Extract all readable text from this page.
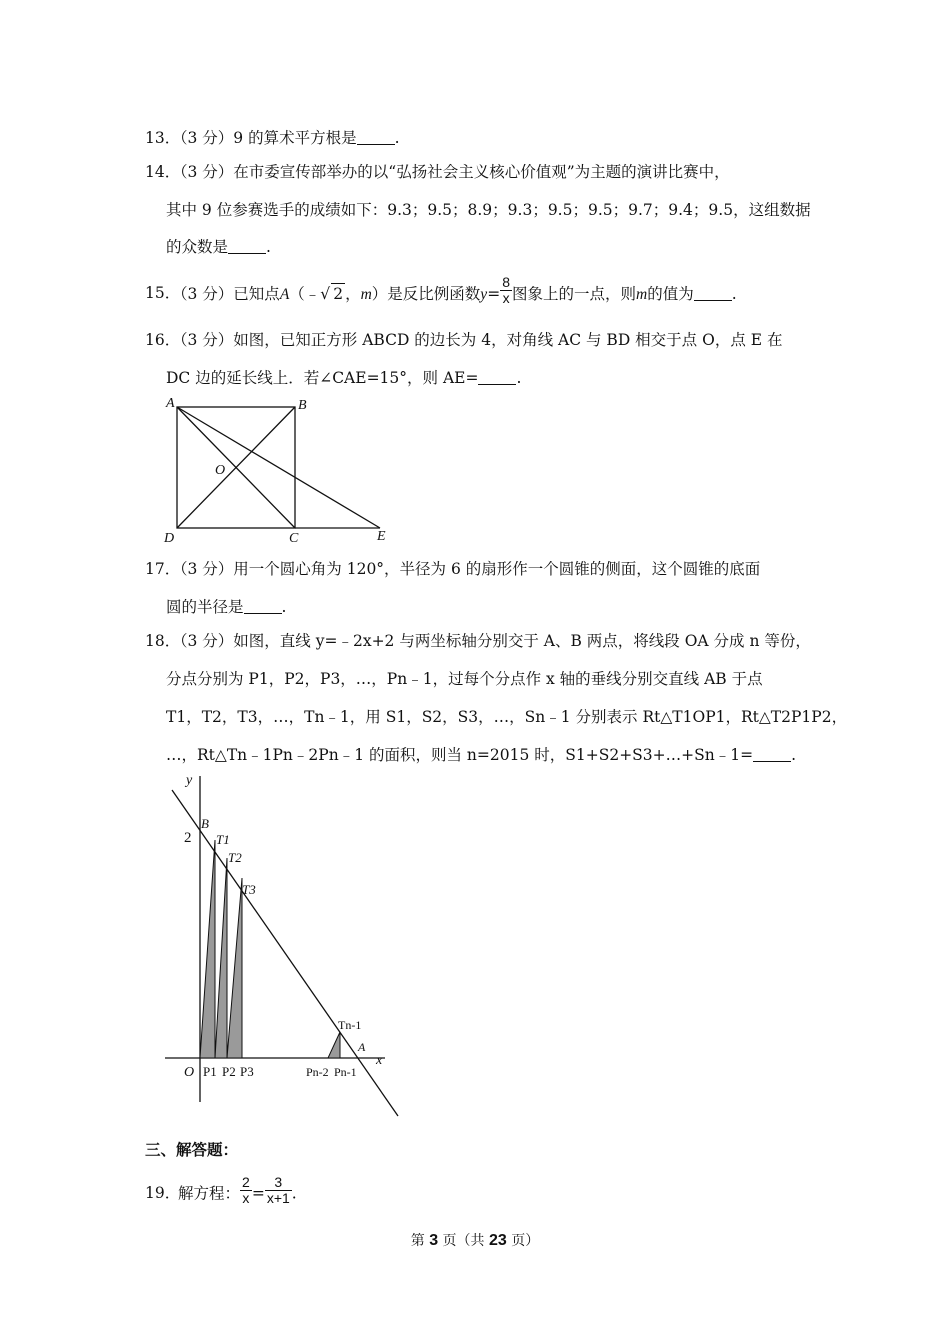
13．
（3 分）9 的算术平方根是 .
14．
（3 分）在市委宣传部举办的以“弘扬社会主义核心价值观”为主题的演讲比赛中，
其中 9 位参赛选手的成绩如下：9.3；9.5；8.9；9.3；9.5；9.5；9.7；9.4；9.5，这组数据
的众数是 .
15．
（3 分）已知点A（﹣√ 2 ，m）是反比例函数$y= \frac{8}{x}$ 图象上的一点，则m的值为 .
16．
（3 分）如图，已知正方形 ABCD 的边长为 4，对角线 AC 与 BD 相交于点 O，点 E 在
DC 边的延长线上．若∠CAE=15°，则 AE= .
A	B
D	C	E
O
17．
（3 分）用一个圆心角为 120°，半径为 6 的扇形作一个圆锥的侧面，这个圆锥的底面
圆的半径是 .
18．
（3 分）如图，直线 y=﹣2x+2 与两坐标轴分别交于 A、B 两点，将线段 OA 分成 n 等份，
分点分别为 P1，P2，P3，…，Pn﹣1，过每个分点作 x 轴的垂线分别交直线 AB 于点
T1，T2，T3，…，Tn﹣1，用 S1，S2，S3，…，Sn﹣1 分别表示 Rt△T1OP1，Rt△T2P1P2，
…，Rt△Tn﹣1Pn﹣2Pn﹣1 的面积，则当 n=2015 时，S1+S2+S3+…+Sn﹣1= .
y
x
2
B
T1
T2
T3
Tn-1
A
O P1 P2 P3	Pn-2 Pn-1
三、解答题：
19．
解方程： $\frac{2}{x} = \frac{3}{x+1}$ .
第 3 页（共 23 页）
